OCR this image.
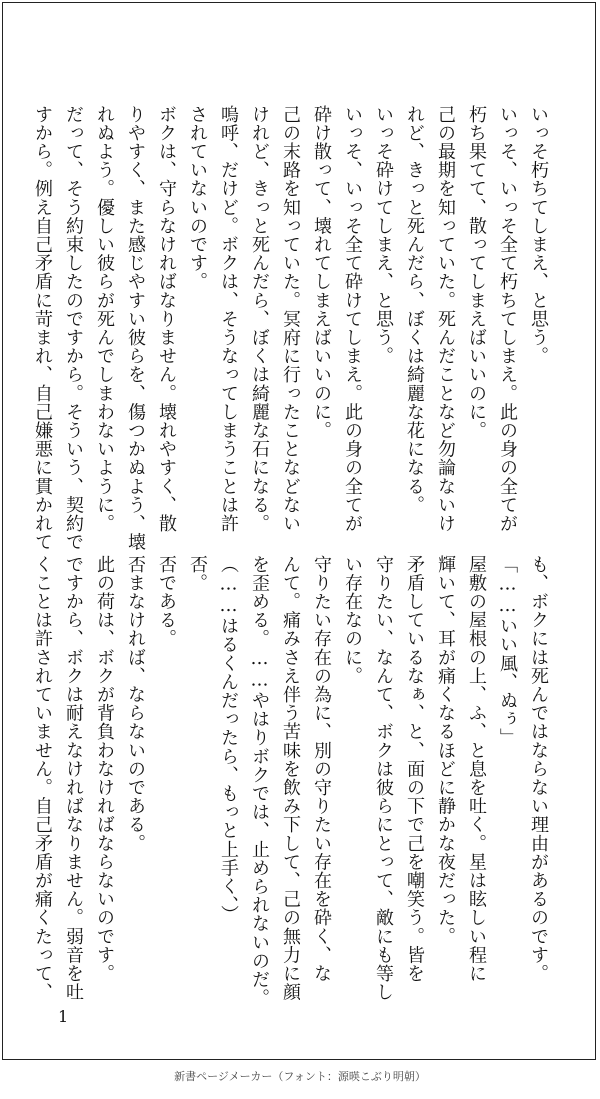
いっそ朽ちてしまえ、と思う。
いっそ、いっそ全て朽ちてしまえ。此の身の全てが
朽ち果てて、散ってしまえばいいのに。
己の最期を知っていた。死んだことなど勿論ないけ
れど、きっと死んだら、ぼくは綺麗な花になる。
いっそ砕けてしまえ、と思う。
いっそ、いっそ全て砕けてしまえ。此の身の全てが
砕け散って、壊れてしまえばいいのに。
己の末路を知っていた。冥府に行ったことなどない
けれど、きっと死んだら、ぼくは綺麗な石になる。
嗚呼、だけど。ボクは、そうなってしまうことは許
されていないのです。
ボクは、守らなければなりません。壊れやすく、散
りやすく、また感じやすい彼らを、傷つかぬよう、壊
れぬよう。優しい彼らが死んでしまわないように。
だって、そう約束したのですから。そういう、契約で
すから。例え自己矛盾に苛まれ、自己嫌悪に貫かれて
も、ボクには死んではならない理由があるのです。
「……いい風、ぬぅ」
屋敷の屋根の上、ふ、と息を吐く。星は眩しい程に
輝いて、耳が痛くなるほどに静かな夜だった。
矛盾しているなぁ、と、面の下で己を嘲笑う。皆を
守りたい、なんて、ボクは彼らにとって、敵にも等し
い存在なのに。
守りたい存在の為に、別の守りたい存在を砕く、な
んて。痛みさえ伴う苦味を飲み下して、己の無力に顔
を歪める。……やはりボクでは、止められないのだ。
（……はるくんだったら、もっと上手く、）
否。
否である。
否まなければ、ならないのである。
此の荷は、ボクが背負わなければならないのです。
ですから、ボクは耐えなければなりません。弱音を吐
くことは許されていません。自己矛盾が痛くたって、
1
新書ページメーカー（フォント：源暎こぶり明朝）
